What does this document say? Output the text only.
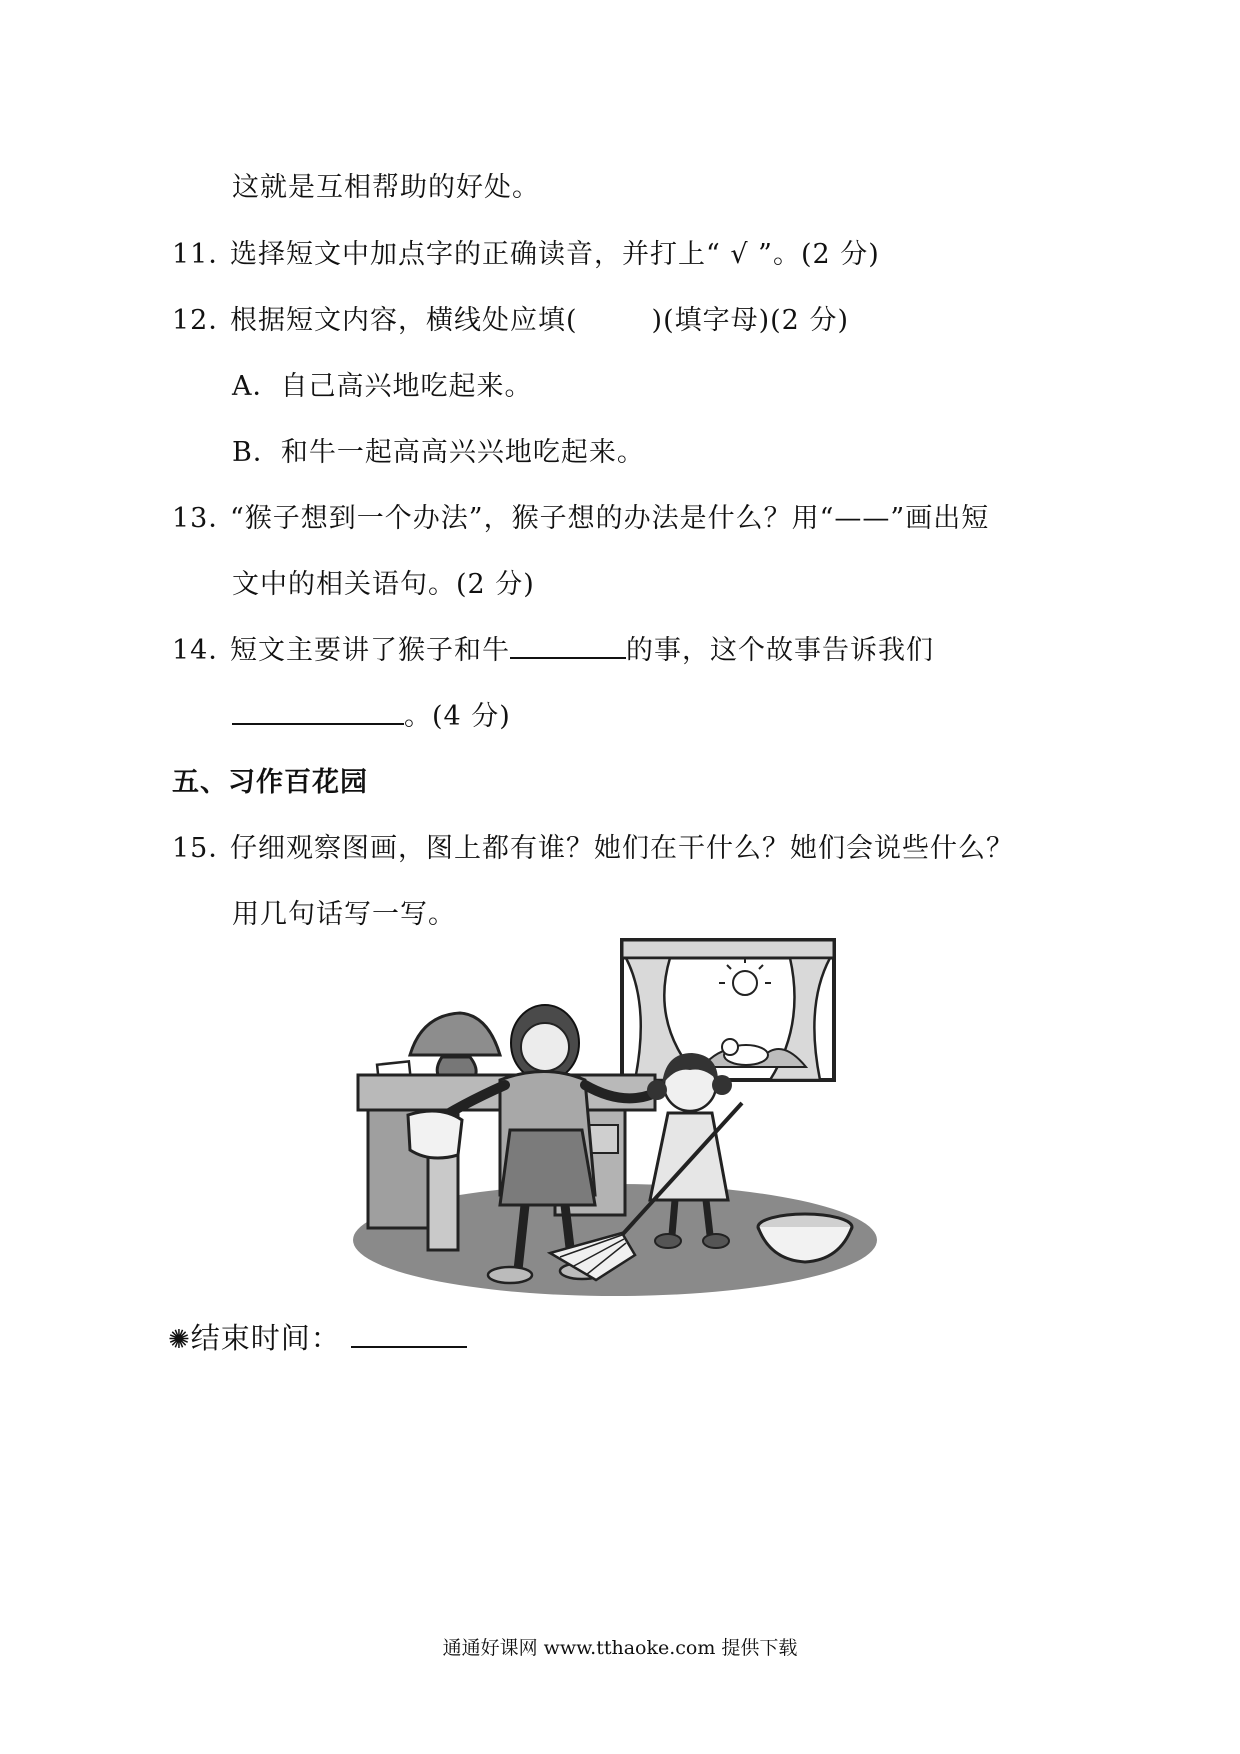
这就是互相帮助的好处。
11．选择短文中加点字的正确读音，并打上“ √ ”。(2 分)
12．根据短文内容，横线处应填(	)(填字母)(2 分)
A．自己高兴地吃起来。
B．和牛一起高高兴兴地吃起来。
13．“猴子想到一个办法”，猴子想的办法是什么？用“——”画出短
文中的相关语句。(2 分)
14．短文主要讲了猴子和牛	的事，这个故事告诉我们
。(4 分)
五、习作百花园
15．仔细观察图画，图上都有谁？她们在干什么？她们会说些什么？
用几句话写一写。
✺结束时间：
通通好课网 www.tthaoke.com 提供下载
